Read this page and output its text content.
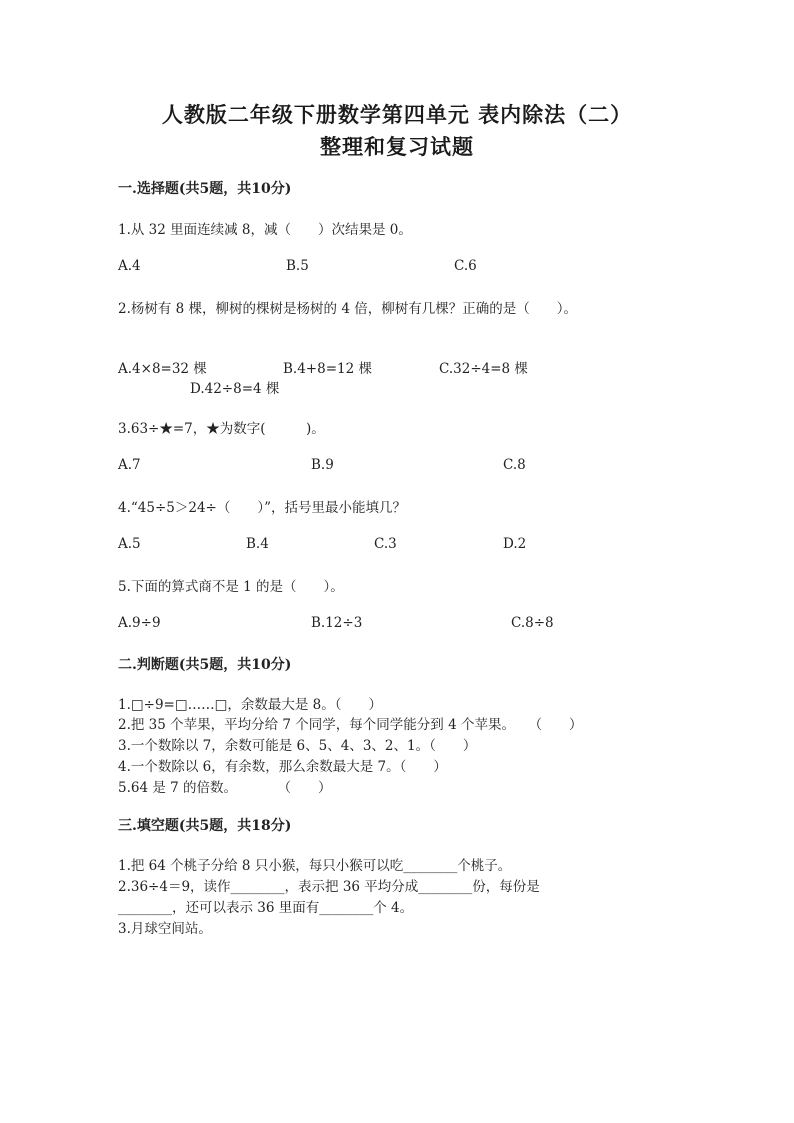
人教版二年级下册数学第四单元 表内除法（二）
整理和复习试题
一.选择题(共5题，共10分)
1.从 32 里面连续减 8，减（　　）次结果是 0。
A.4	B.5	C.6
2.杨树有 8 棵，柳树的棵树是杨树的 4 倍，柳树有几棵？正确的是（　　）。
A.4×8=32 棵	B.4+8=12 棵	C.32÷4=8 棵
D.42÷8=4 棵
3.63÷★=7，★为数字(　　　)。
A.7	B.9	C.8
4.“45÷5＞24÷（　　）”，括号里最小能填几？
A.5	B.4	C.3	D.2
5.下面的算式商不是 1 的是（　　）。
A.9÷9	B.12÷3	C.8÷8
二.判断题(共5题，共10分)
1.□÷9=□……□，余数最大是 8。（　　）
2.把 35 个苹果，平均分给 7 个同学，每个同学能分到 4 个苹果。　　（　　）
3.一个数除以 7，余数可能是 6、5、4、3、2、1。（　　）
4.一个数除以 6，有余数，那么余数最大是 7。（　　）
5.64 是 7 的倍数。　　　　（　　）
三.填空题(共5题，共18分)
1.把 64 个桃子分给 8 只小猴，每只小猴可以吃________个桃子。
2.36÷4＝9，读作________，表示把 36 平均分成________份，每份是
________，还可以表示 36 里面有________个 4。
3.月球空间站。
